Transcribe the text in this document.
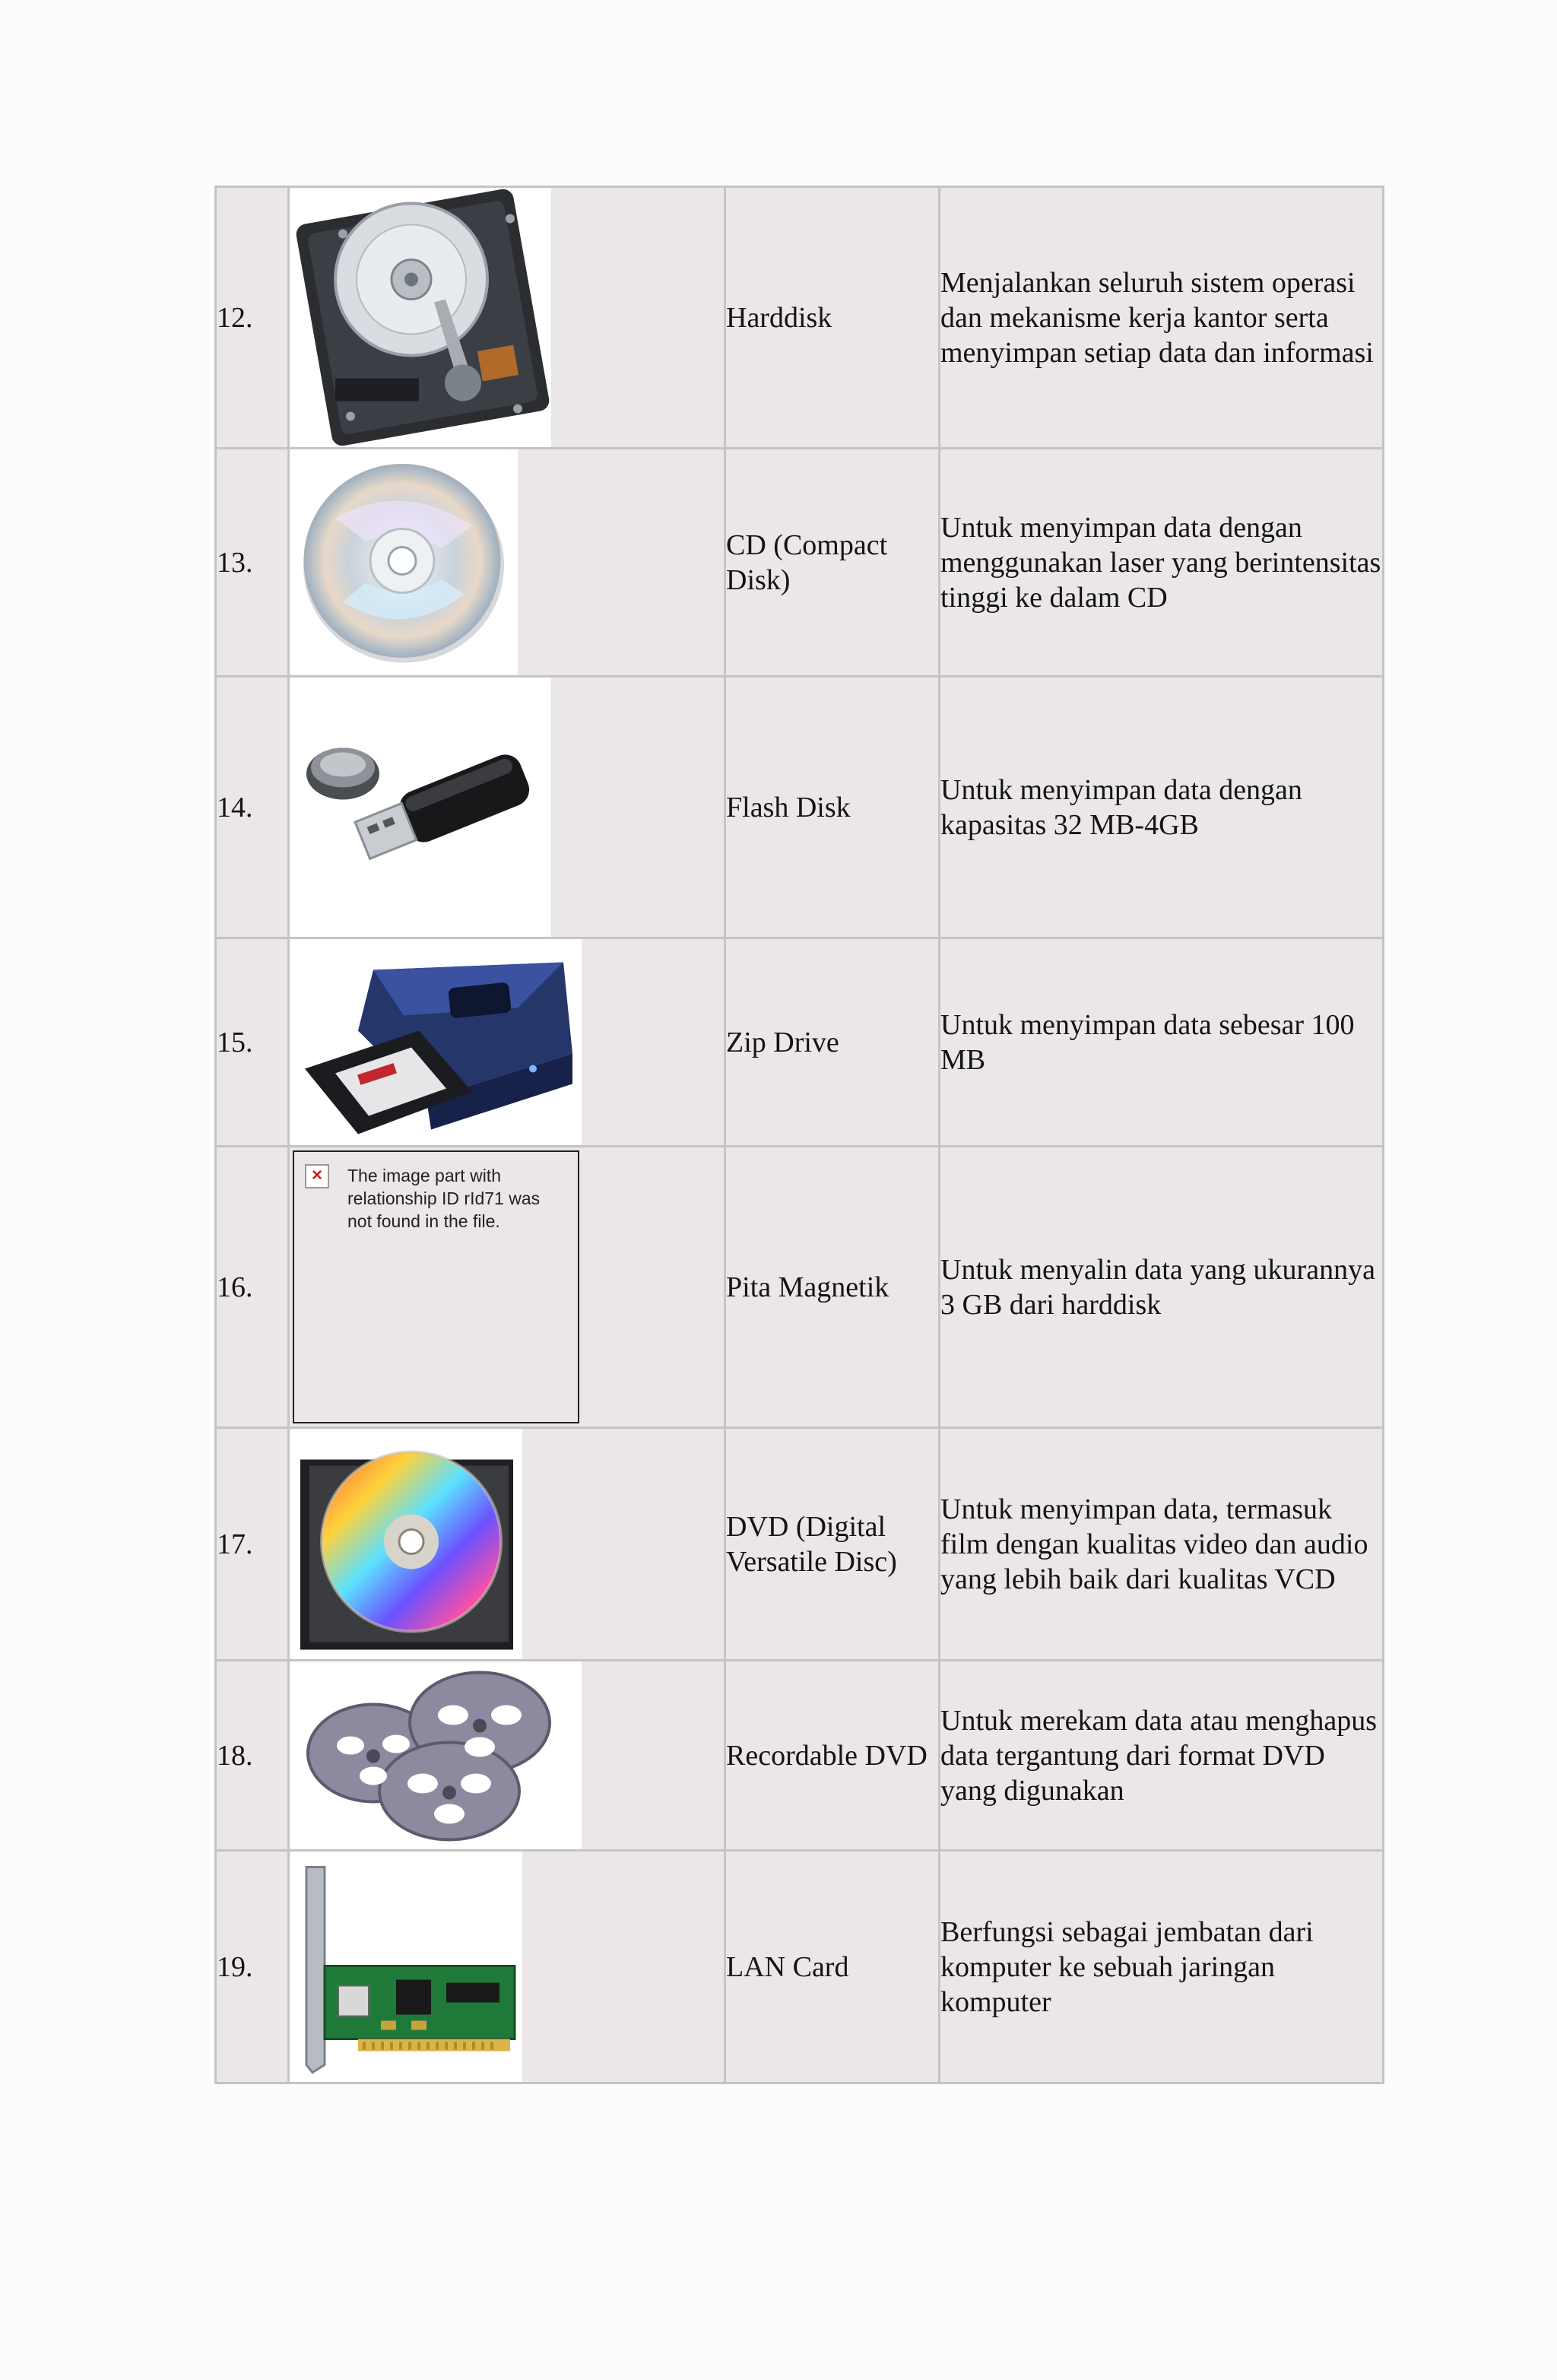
12.		Harddisk	Menjalankan seluruh sistem operasi dan mekanisme kerja kantor serta menyimpan setiap data dan informasi
13.		CD (Compact Disk)	Untuk menyimpan data dengan menggunakan laser yang berintensitas tinggi ke dalam CD
14.		Flash Disk	Untuk menyimpan data dengan kapasitas 32 MB-4GB
15.		Zip Drive	Untuk menyimpan data sebesar 100 MB
16.	× The image part with relationship ID rId71 was not found in the file.	Pita Magnetik	Untuk menyalin data yang ukurannya 3 GB dari harddisk
17.		DVD (Digital Versatile Disc)	Untuk menyimpan data, termasuk film dengan kualitas video dan audio yang lebih baik dari kualitas VCD
18.		Recordable DVD	Untuk merekam data atau menghapus data tergantung dari format DVD yang digunakan
19.		LAN Card	Berfungsi sebagai jembatan dari komputer ke sebuah jaringan komputer
